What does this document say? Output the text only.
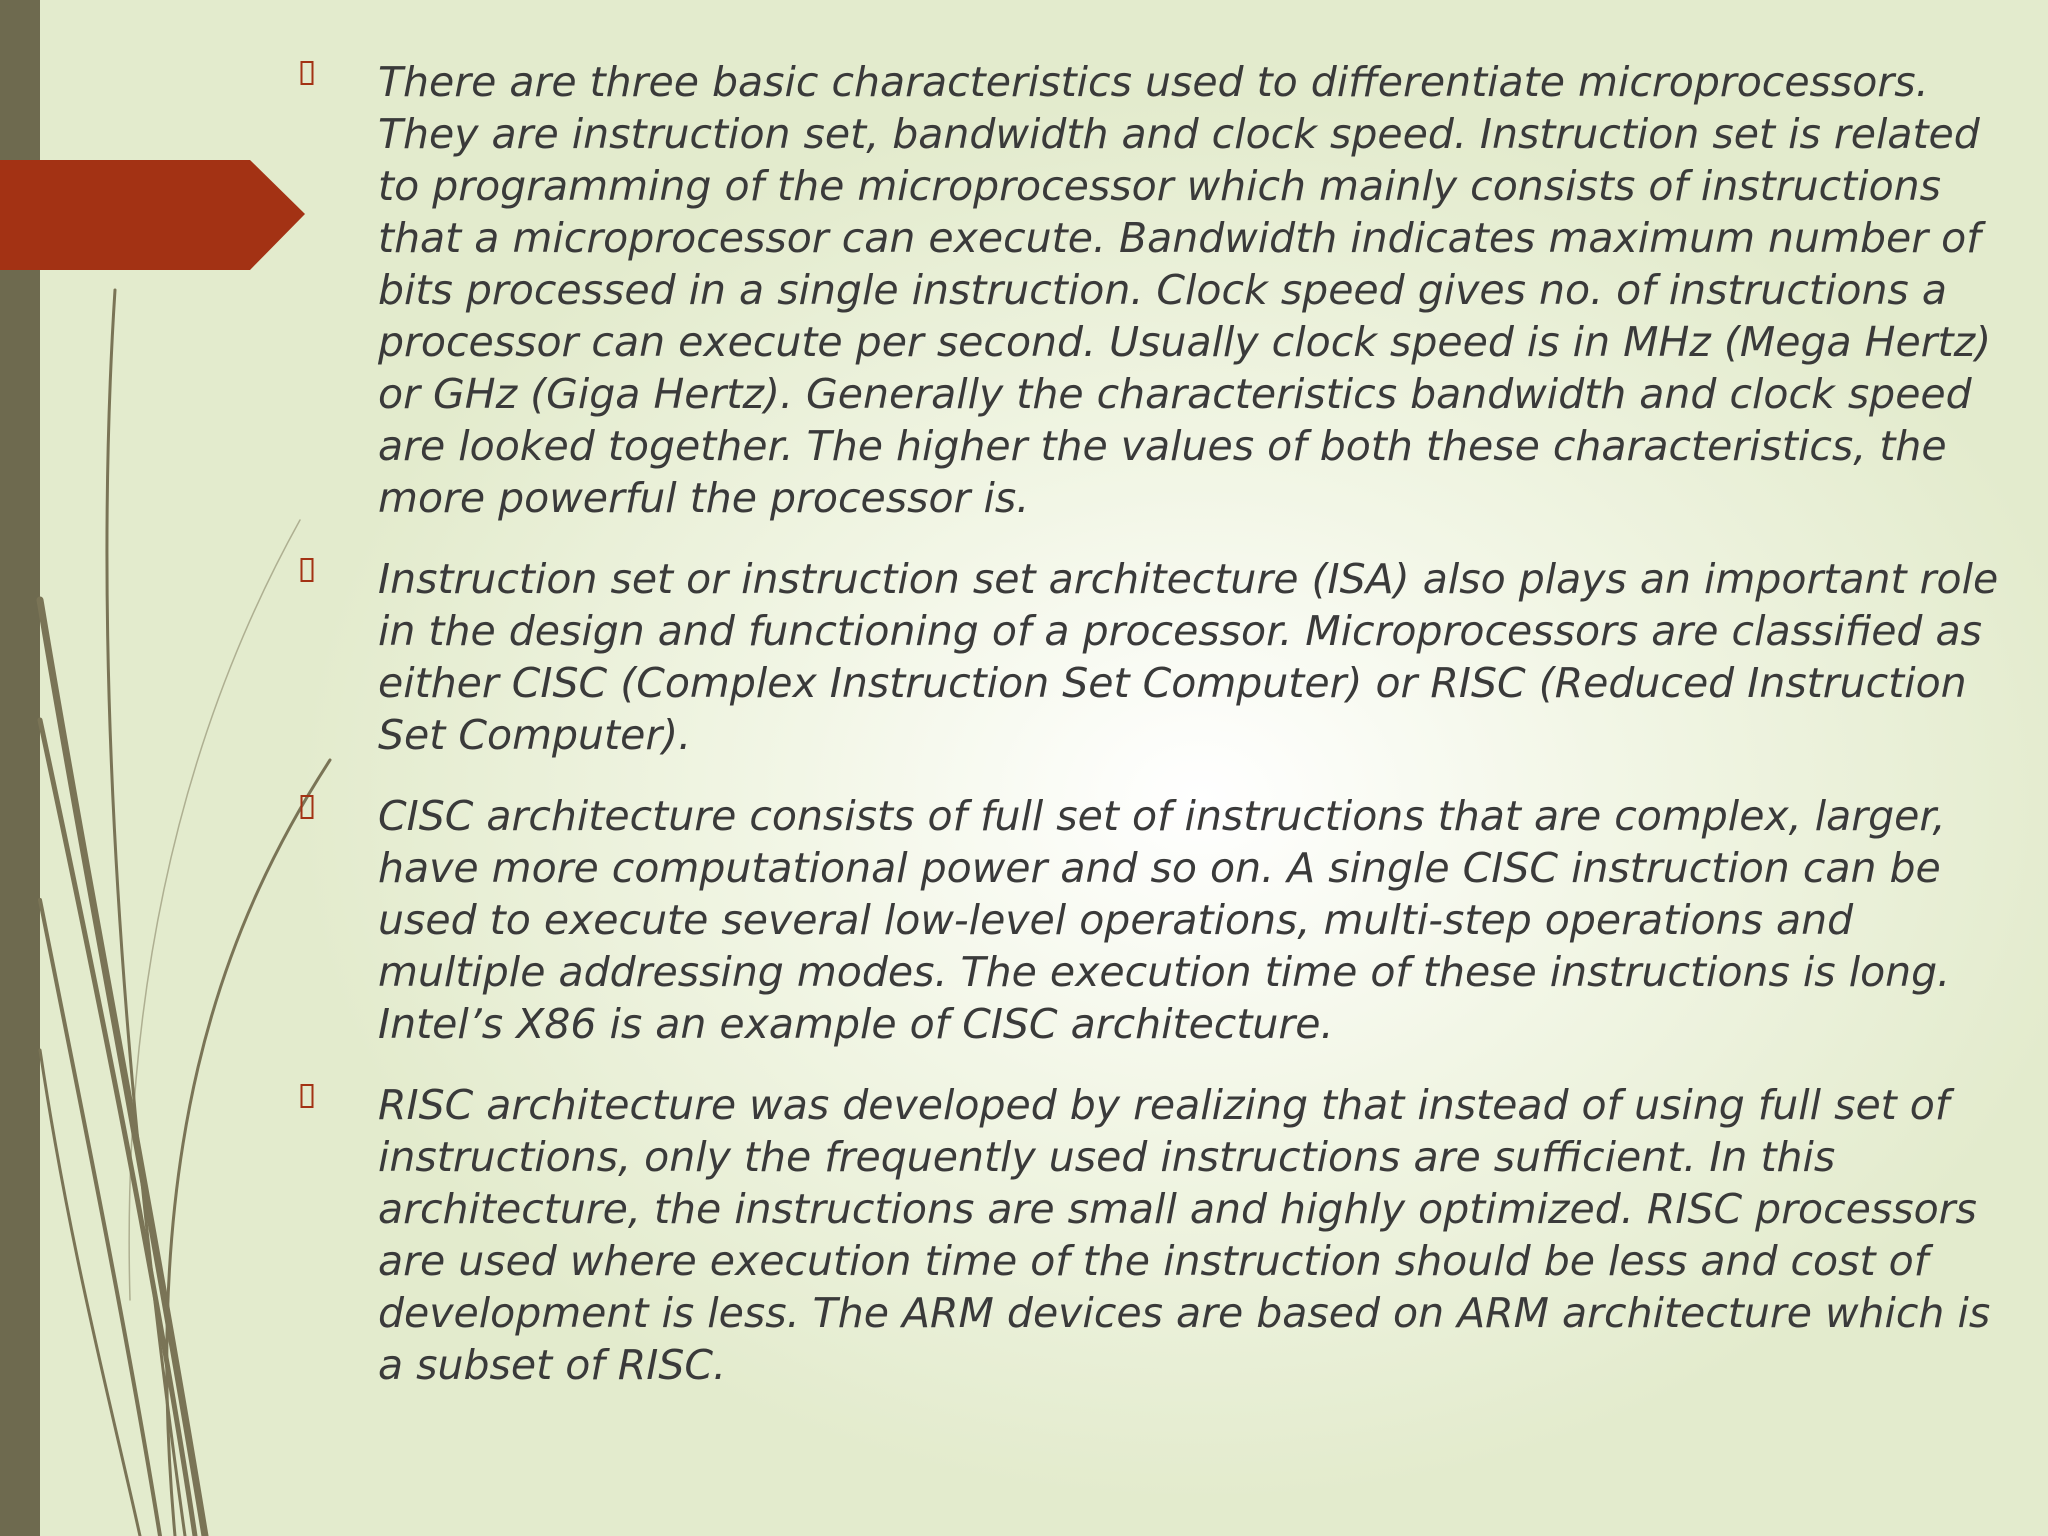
There are three basic characteristics used to differentiate microprocessors. They are instruction set, bandwidth and clock speed. Instruction set is related to programming of the microprocessor which mainly consists of instructions that a microprocessor can execute. Bandwidth indicates maximum number of bits processed in a single instruction. Clock speed gives no. of instructions a processor can execute per second. Usually clock speed is in MHz (Mega Hertz) or GHz (Giga Hertz). Generally the characteristics bandwidth and clock speed are looked together. The higher the values of both these characteristics, the more powerful the processor is.
Instruction set or instruction set architecture (ISA) also plays an important role in the design and functioning of a processor. Microprocessors are classified as either CISC (Complex Instruction Set Computer) or RISC (Reduced Instruction Set Computer).
CISC architecture consists of full set of instructions that are complex, larger, have more computational power and so on. A single CISC instruction can be used to execute several low-level operations, multi-step operations and multiple addressing modes. The execution time of these instructions is long. Intel’s X86 is an example of CISC architecture.
RISC architecture was developed by realizing that instead of using full set of instructions, only the frequently used instructions are sufficient. In this architecture, the instructions are small and highly optimized. RISC processors are used where execution time of the instruction should be less and cost of development is less. The ARM devices are based on ARM architecture which is a subset of RISC.
